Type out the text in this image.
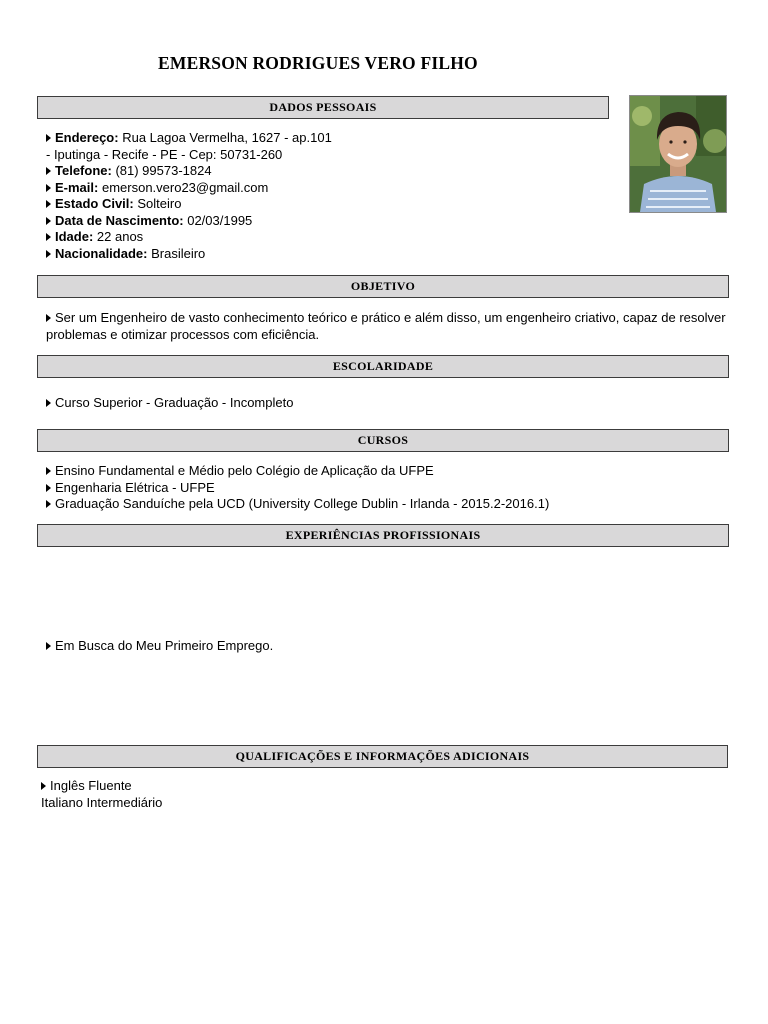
EMERSON RODRIGUES VERO FILHO
DADOS PESSOAIS
Endereço: Rua Lagoa Vermelha, 1627 - ap.101
- Iputinga - Recife - PE - Cep: 50731-260
Telefone: (81) 99573-1824
E-mail: emerson.vero23@gmail.com
Estado Civil: Solteiro
Data de Nascimento: 02/03/1995
Idade: 22 anos
Nacionalidade: Brasileiro
OBJETIVO
Ser um Engenheiro de vasto conhecimento teórico e prático e além disso, um engenheiro criativo, capaz de resolver problemas e otimizar processos com eficiência.
ESCOLARIDADE
Curso Superior - Graduação - Incompleto
CURSOS
Ensino Fundamental e Médio pelo Colégio de Aplicação da UFPE
Engenharia Elétrica - UFPE
Graduação Sanduíche pela UCD (University College Dublin - Irlanda - 2015.2-2016.1)
EXPERIÊNCIAS PROFISSIONAIS
Em Busca do Meu Primeiro Emprego.
QUALIFICAÇÕES E INFORMAÇÕES ADICIONAIS
Inglês Fluente
Italiano Intermediário
